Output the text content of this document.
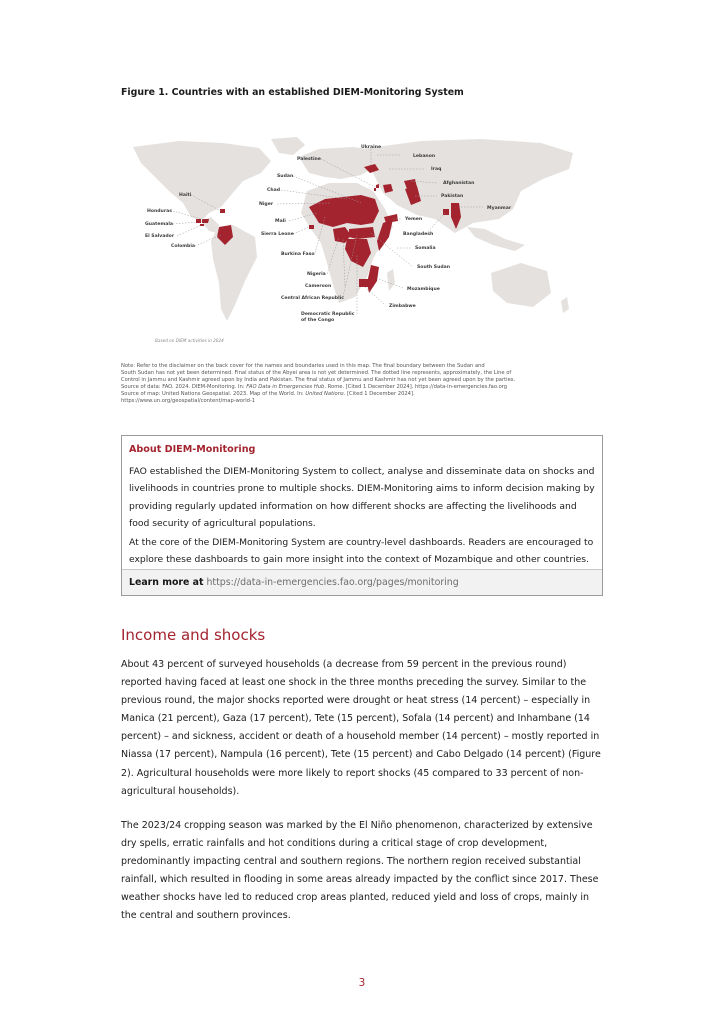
Figure 1. Countries with an established DIEM-Monitoring System
Ukraine
Lebanon
Palestine
Iraq
Sudan
Afghanistan
Chad
Haiti	Pakistan
Niger
Myanmar
Honduras
Mali	Yemen
Guatemala
Sierra Leone	Bangladesh
El Salvador
Colombia	Somalia
Burkina Faso
South Sudan
Nigeria
Cameroon
Mozambique
Central African Republic
Zimbabwe
Democratic Republic
of the Congo
Based on DIEM activities in 2024

Note: Refer to the disclaimer on the back cover for the names and boundaries used in this map. The final boundary between the Sudan and

South Sudan has not yet been determined. Final status of the Abyei area is not yet determined. The dotted line represents, approximately, the Line of

Control in Jammu and Kashmir agreed upon by India and Pakistan. The final status of Jammu and Kashmir has not yet been agreed upon by the parties.

Source of data: FAO. 2024. DIEM-Monitoring. In: FAO Data in Emergencies Hub. Rome. [Cited 1 December 2024]. https://data-in-emergencies.fao.org

Source of map: United Nations Geospatial. 2023. Map of the World. In: United Nations. [Cited 1 December 2024].

https://www.un.org/geospatial/content/map-world-1

About DIEM-Monitoring

FAO established the DIEM-Monitoring System to collect, analyse and disseminate data on shocks and livelihoods in countries prone to multiple shocks. DIEM-Monitoring aims to inform decision making by providing regularly updated information on how different shocks are affecting the livelihoods and food security of agricultural populations.

At the core of the DIEM-Monitoring System are country-level dashboards. Readers are encouraged to explore these dashboards to gain more insight into the context of Mozambique and other countries.

Learn more at https://data-in-emergencies.fao.org/pages/monitoring
Income and shocks

About 43 percent of surveyed households (a decrease from 59 percent in the previous round) reported having faced at least one shock in the three months preceding the survey. Similar to the previous round, the major shocks reported were drought or heat stress (14 percent) – especially in Manica (21 percent), Gaza (17 percent), Tete (15 percent), Sofala (14 percent) and Inhambane (14 percent) – and sickness, accident or death of a household member (14 percent) – mostly reported in Niassa (17 percent), Nampula (16 percent), Tete (15 percent) and Cabo Delgado (14 percent) (Figure 2). Agricultural households were more likely to report shocks (45 compared to 33 percent of non-agricultural households).

The 2023/24 cropping season was marked by the El Niño phenomenon, characterized by extensive dry spells, erratic rainfalls and hot conditions during a critical stage of crop development, predominantly impacting central and southern regions. The northern region received substantial rainfall, which resulted in flooding in some areas already impacted by the conflict since 2017. These weather shocks have led to reduced crop areas planted, reduced yield and loss of crops, mainly in the central and southern provinces.

3
